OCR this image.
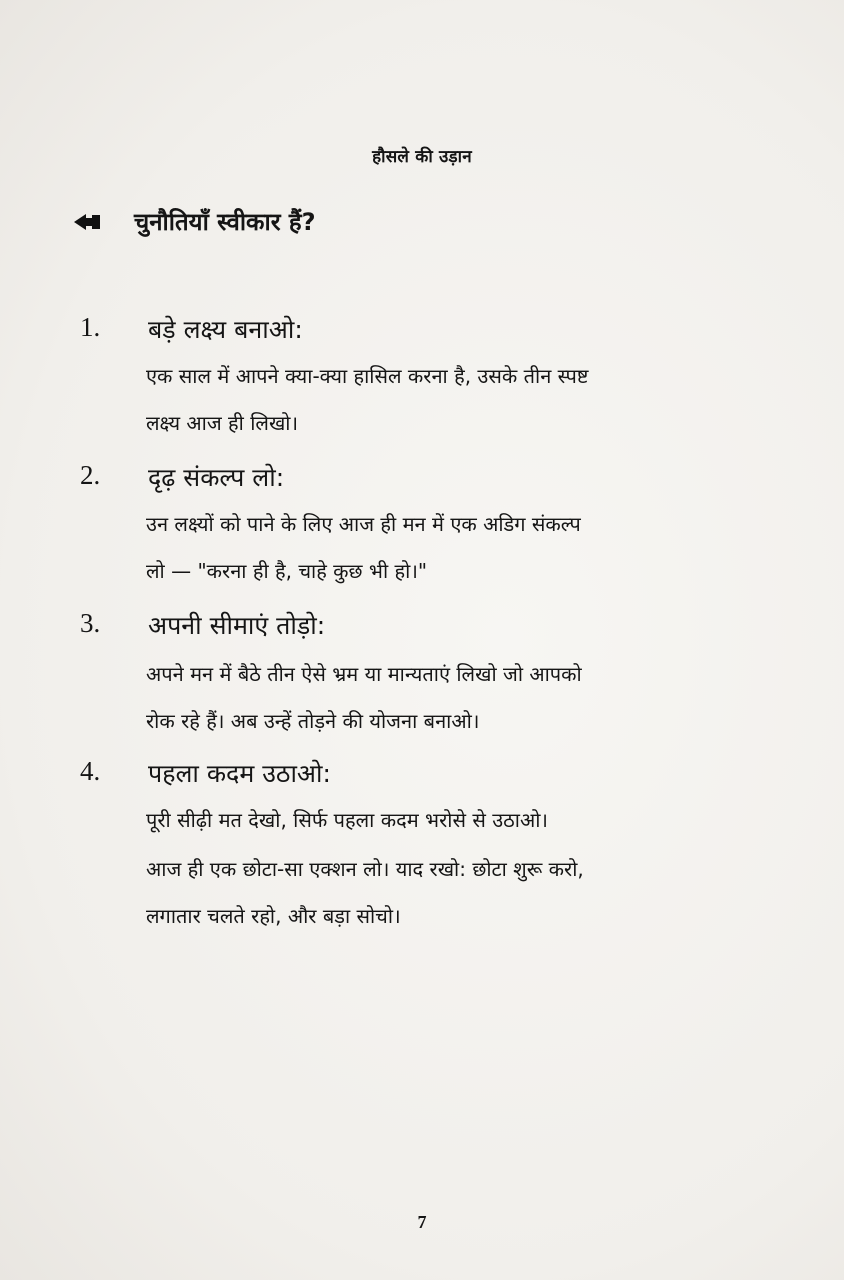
हौसले की उड़ान
चुनौतियाँ स्वीकार हैं?
1. बड़े लक्ष्य बनाओ:
एक साल में आपने क्या-क्या हासिल करना है, उसके तीन स्पष्ट
लक्ष्य आज ही लिखो।
2. दृढ़ संकल्प लो:
उन लक्ष्यों को पाने के लिए आज ही मन में एक अडिग संकल्प
लो — "करना ही है, चाहे कुछ भी हो।"
3. अपनी सीमाएं तोड़ो:
अपने मन में बैठे तीन ऐसे भ्रम या मान्यताएं लिखो जो आपको
रोक रहे हैं। अब उन्हें तोड़ने की योजना बनाओ।
4. पहला कदम उठाओ:
पूरी सीढ़ी मत देखो, सिर्फ पहला कदम भरोसे से उठाओ।
आज ही एक छोटा-सा एक्शन लो। याद रखो: छोटा शुरू करो,
लगातार चलते रहो, और बड़ा सोचो।
7
